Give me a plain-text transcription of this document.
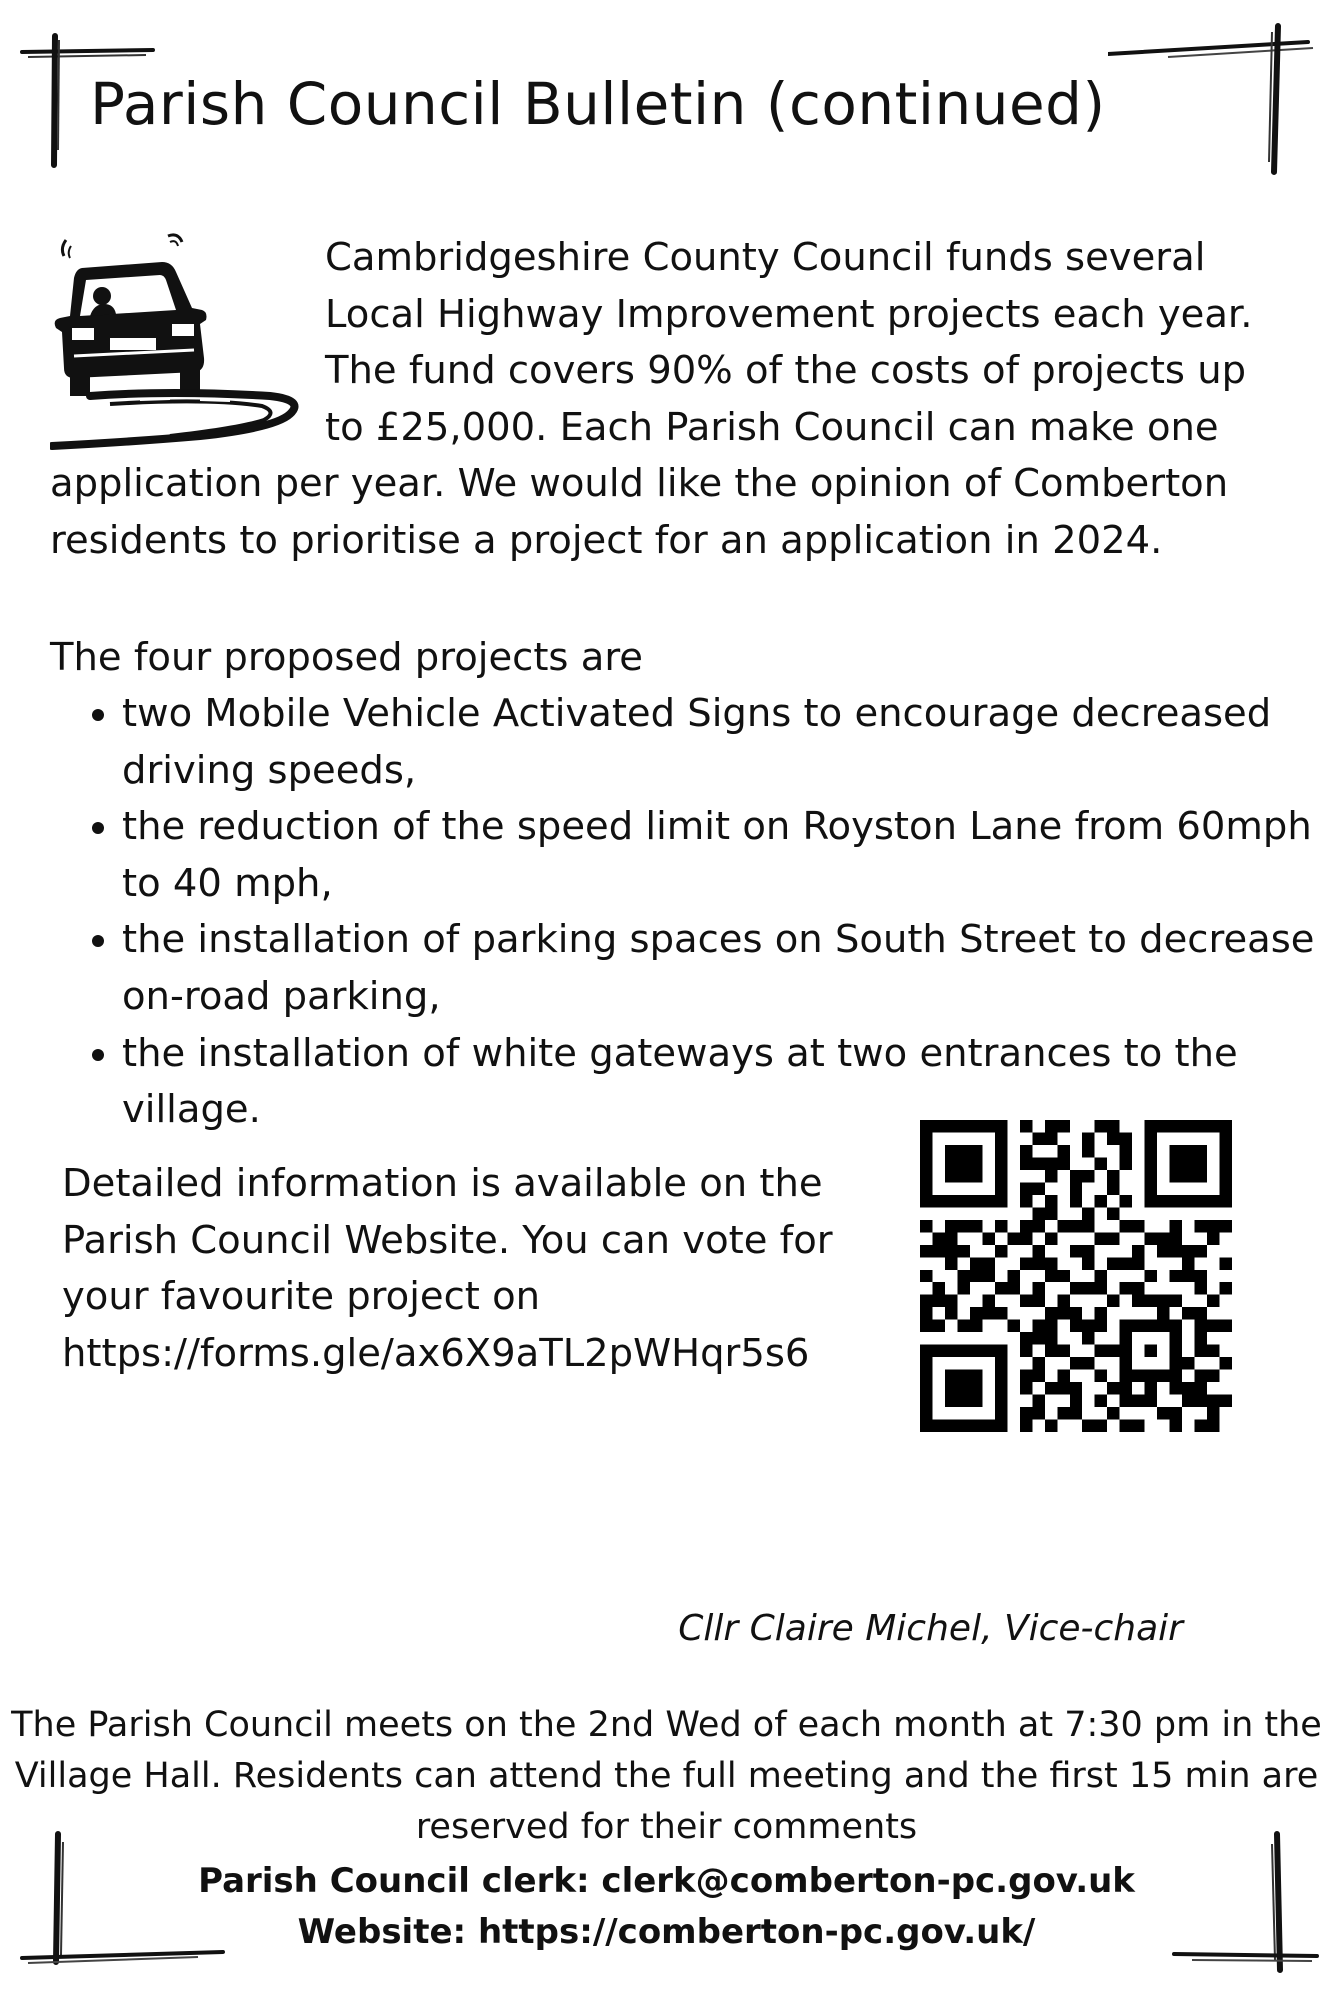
Parish Council Bulletin (continued)

Cambridgeshire County Council funds several Local Highway Improvement projects each year. The fund covers 90% of the costs of projects up to £25,000. Each Parish Council can make one application per year. We would like the opinion of Comberton residents to prioritise a project for an application in 2024.

The four proposed projects are

• two Mobile Vehicle Activated Signs to encourage decreased driving speeds,
• the reduction of the speed limit on Royston Lane from 60mph to 40 mph,
• the installation of parking spaces on South Street to decrease on-road parking,
• the installation of white gateways at two entrances to the village.

Detailed information is available on the Parish Council Website. You can vote for your favourite project on https://forms.gle/ax6X9aTL2pWHqr5s6

Cllr Claire Michel, Vice-chair

The Parish Council meets on the 2nd Wed of each month at 7:30 pm in the Village Hall. Residents can attend the full meeting and the first 15 min are reserved for their comments

Parish Council clerk: clerk@comberton-pc.gov.uk
Website: https://comberton-pc.gov.uk/
